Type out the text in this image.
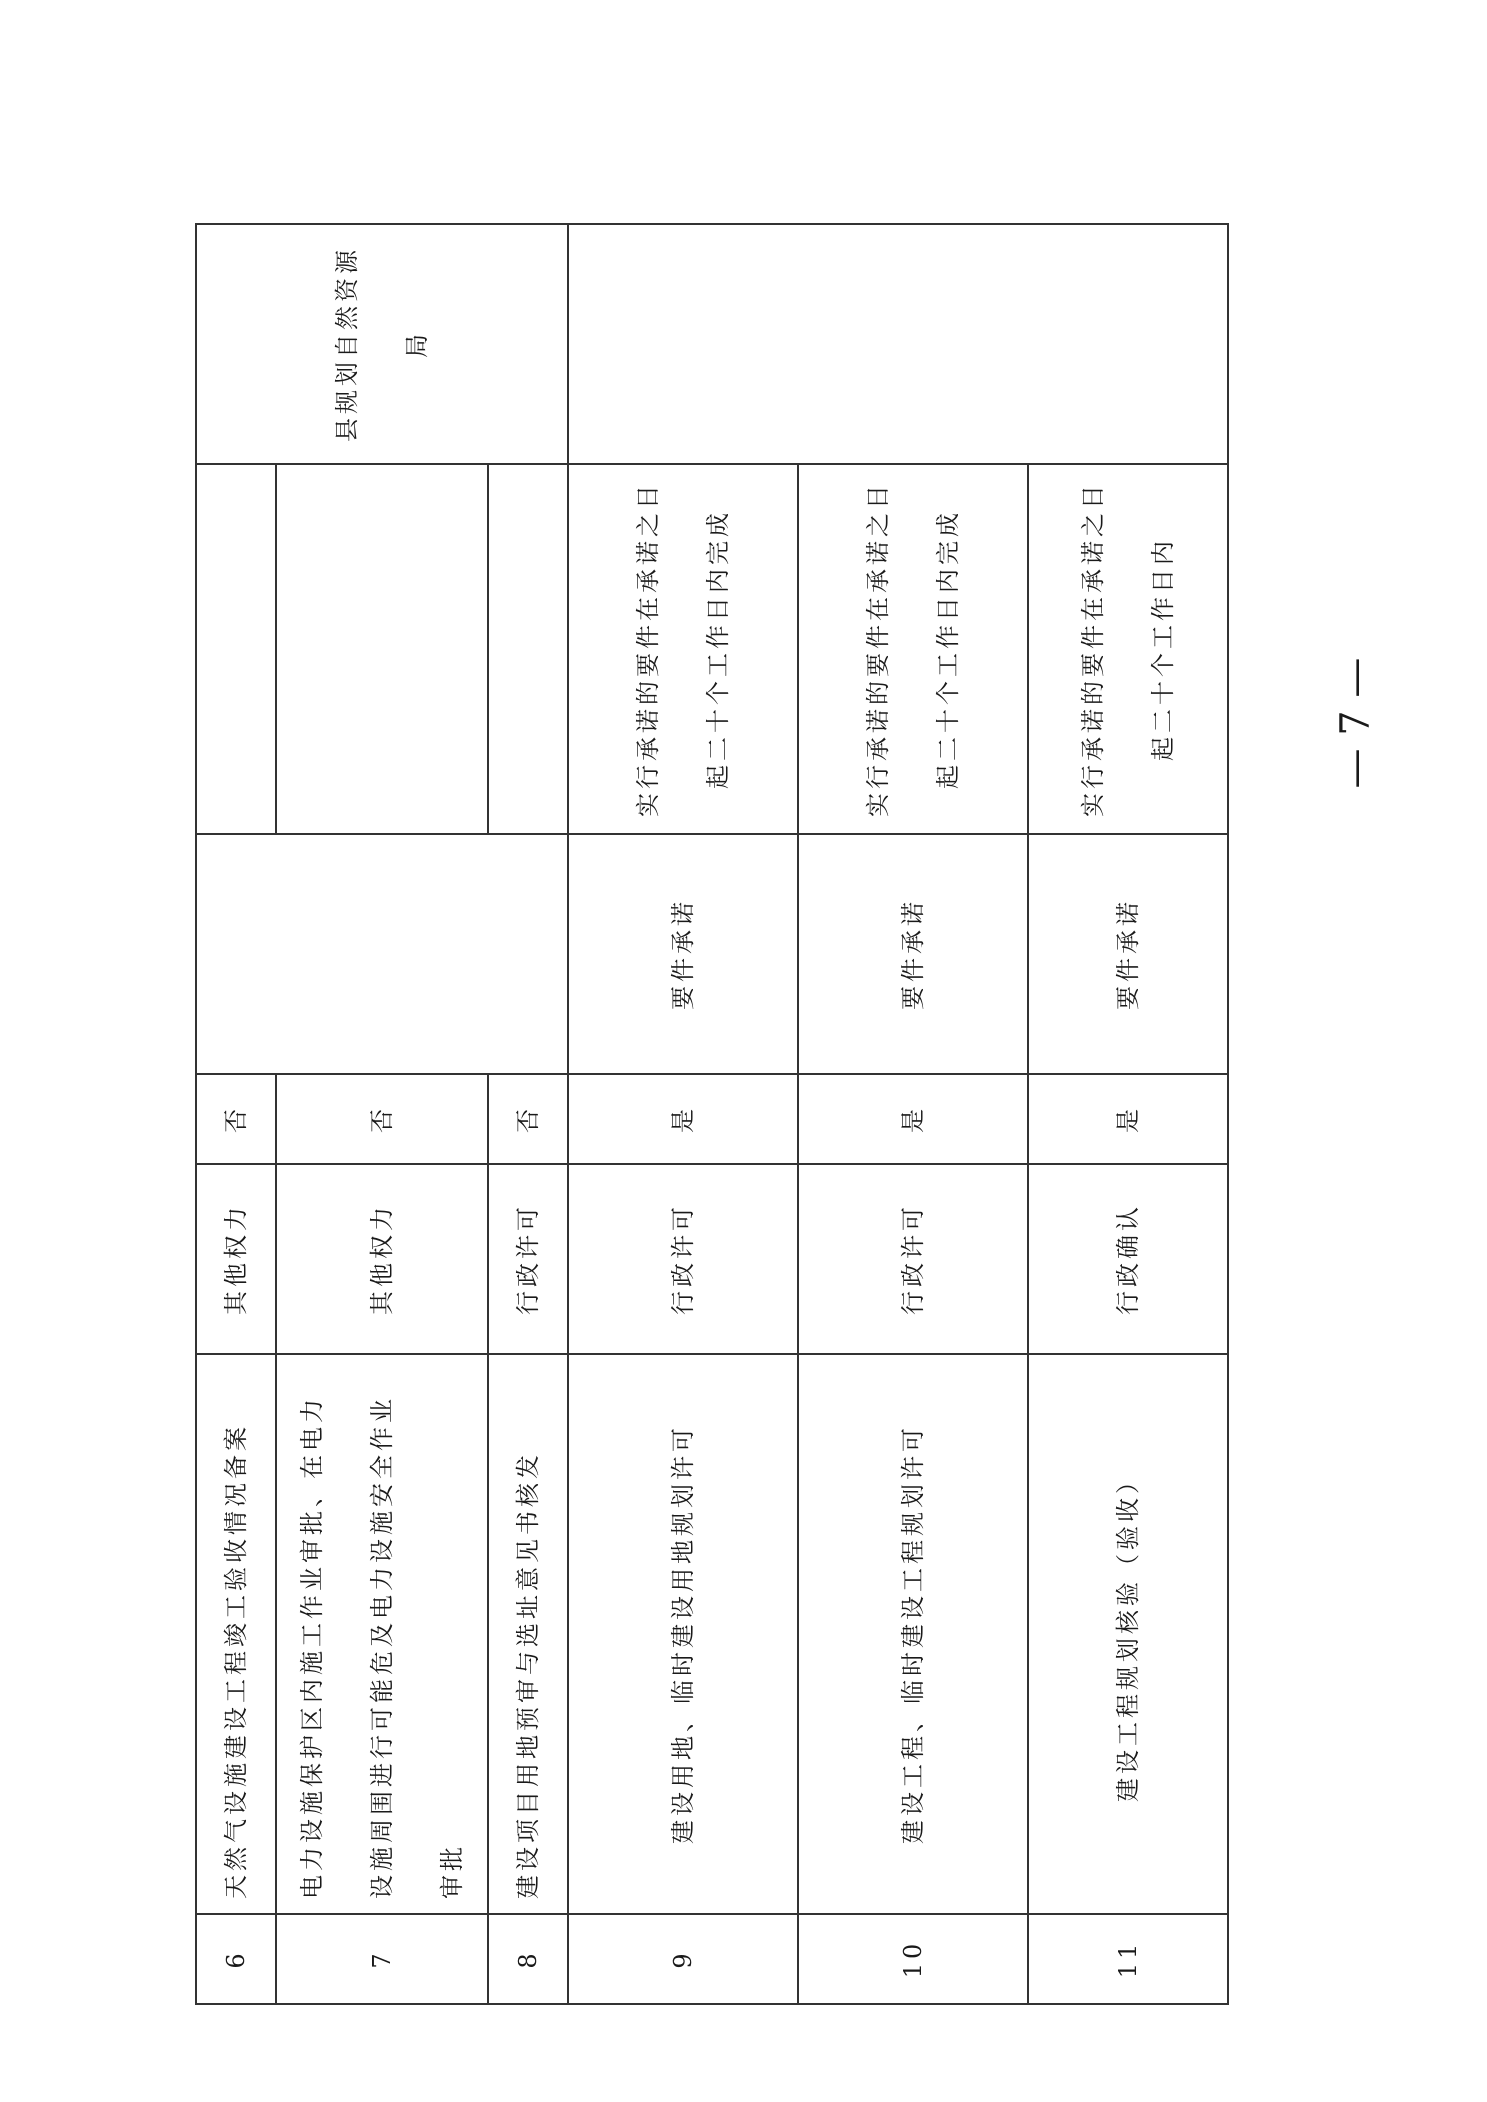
6	天然气设施建设工程竣工验收情况备案	其他权力	否			县规划自然资源局
7	电力设施保护区内施工作业审批、在电力设施周围进行可能危及电力设施安全作业审批	其他权力	否			
8	建设项目用地预审与选址意见书核发	行政许可	否			
9	建设用地、临时建设用地规划许可	行政许可	是	要件承诺	实行承诺的要件在承诺之日起二十个工作日内完成	
10	建设工程、临时建设工程规划许可	行政许可	是	要件承诺	实行承诺的要件在承诺之日起二十个工作日内完成	
11	建设工程规划核验（验收）	行政确认	是	要件承诺	实行承诺的要件在承诺之日起二十个工作日内		— 7 —
